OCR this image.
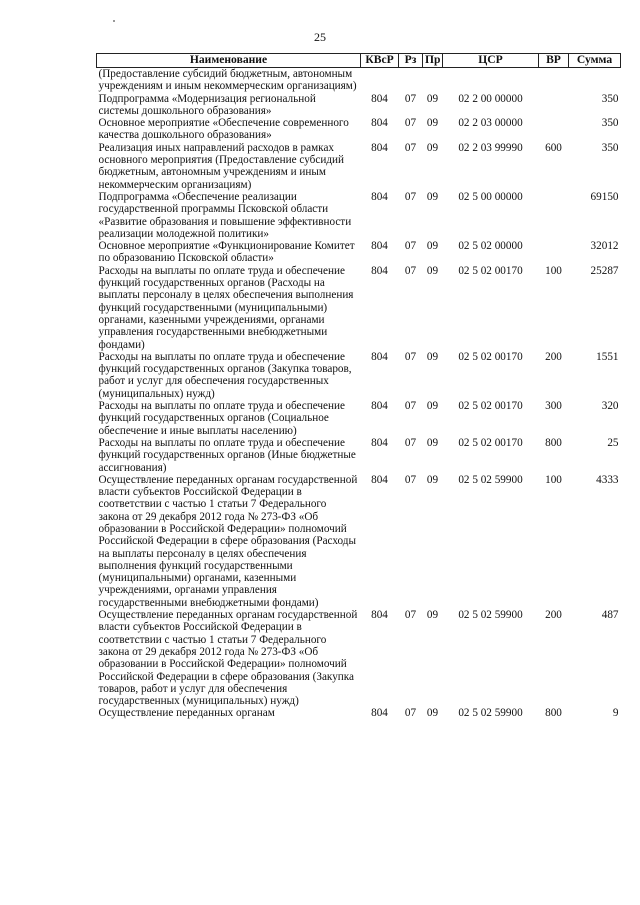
25
Наименование	КВсР	Рз	Пр	ЦСР	ВР	Сумма
(Предоставление субсидий бюджетным, автономным учреждениям и иным некоммерческим организациям)						
Подпрограмма «Модернизация региональной системы дошкольного образования»	804	07	09	02 2 00 00000		350
Основное мероприятие «Обеспечение современного качества дошкольного образования»	804	07	09	02 2 03 00000		350
Реализация иных направлений расходов в рамках основного мероприятия (Предоставление субсидий бюджетным, автономным учреждениям и иным некоммерческим организациям)	804	07	09	02 2 03 99990	600	350
Подпрограмма «Обеспечение реализации государственной программы Псковской области «Развитие образования и повышение эффективности реализации молодежной политики»	804	07	09	02 5 00 00000		69150
Основное мероприятие «Функционирование Комитет по образованию Псковской области»	804	07	09	02 5 02 00000		32012
Расходы на выплаты по оплате труда и обеспечение функций государственных органов (Расходы на выплаты персоналу в целях обеспечения выполнения функций государственными (муниципальными) органами, казенными учреждениями, органами управления государственными внебюджетными фондами)	804	07	09	02 5 02 00170	100	25287
Расходы на выплаты по оплате труда и обеспечение функций государственных органов (Закупка товаров, работ и услуг для обеспечения государственных (муниципальных) нужд)	804	07	09	02 5 02 00170	200	1551
Расходы на выплаты по оплате труда и обеспечение функций государственных органов (Социальное обеспечение и иные выплаты населению)	804	07	09	02 5 02 00170	300	320
Расходы на выплаты по оплате труда и обеспечение функций государственных органов (Иные бюджетные ассигнования)	804	07	09	02 5 02 00170	800	25
Осуществление переданных органам государственной власти субъектов Российской Федерации в соответствии с частью 1 статьи 7 Федерального закона от 29 декабря 2012 года № 273-ФЗ «Об образовании в Российской Федерации» полномочий Российской Федерации в сфере образования (Расходы на выплаты персоналу в целях обеспечения выполнения функций государственными (муниципальными) органами, казенными учреждениями, органами управления государственными внебюджетными фондами)	804	07	09	02 5 02 59900	100	4333
Осуществление переданных органам государственной власти субъектов Российской Федерации в соответствии с частью 1 статьи 7 Федерального закона от 29 декабря 2012 года № 273-ФЗ «Об образовании в Российской Федерации» полномочий Российской Федерации в сфере образования (Закупка товаров, работ и услуг для обеспечения государственных (муниципальных) нужд)	804	07	09	02 5 02 59900	200	487
Осуществление переданных органам	804	07	09	02 5 02 59900	800	9
